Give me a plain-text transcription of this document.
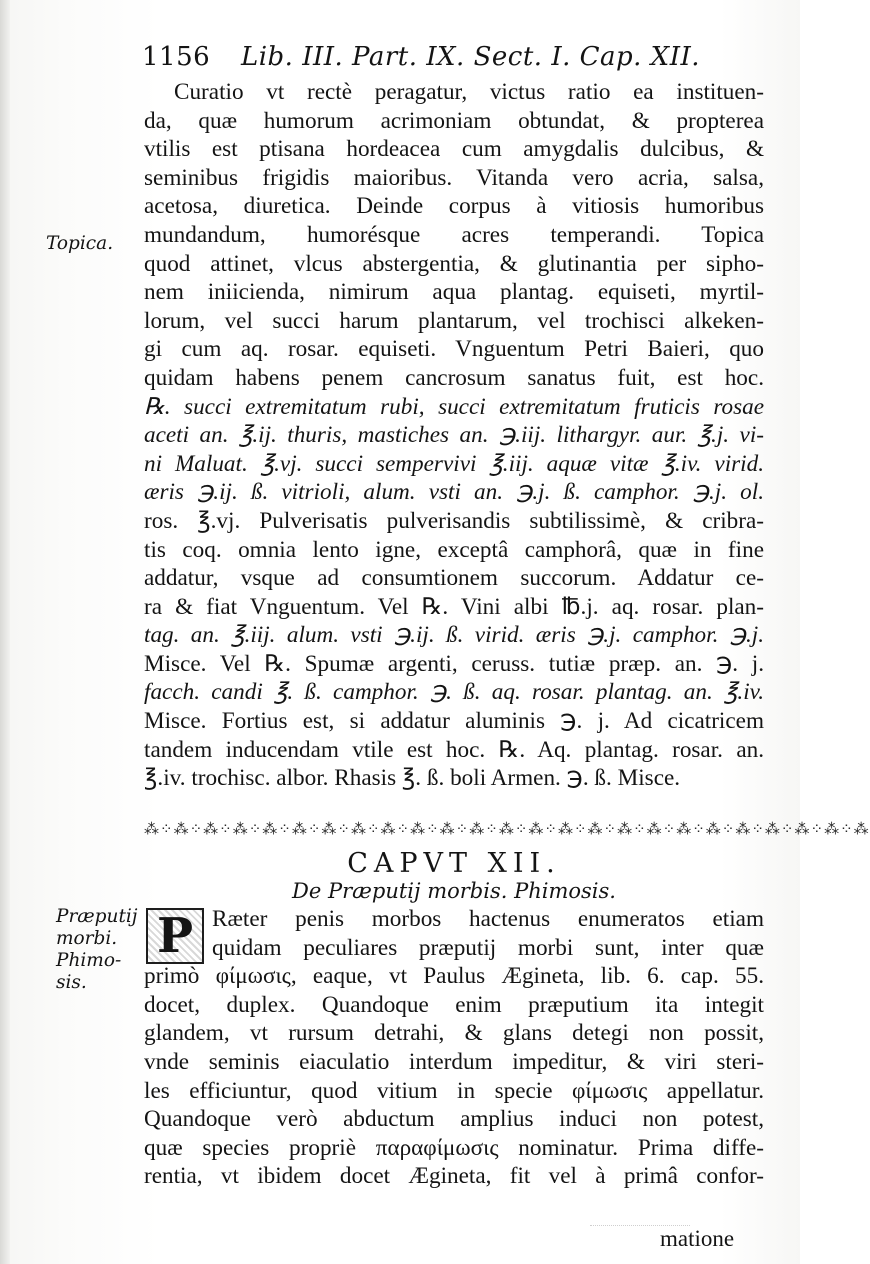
1156 Lib. III. Part. IX. Sect. I. Cap. XII.
Topica.
Præputij
morbi.
Phimo-
sis.
Curatio vt rectè peragatur, victus ratio ea instituen-
da, quæ humorum acrimoniam obtundat, & propterea
vtilis est ptisana hordeacea cum amygdalis dulcibus, &
seminibus frigidis maioribus. Vitanda vero acria, salsa,
acetosa, diuretica. Deinde corpus à vitiosis humoribus
mundandum, humorésque acres temperandi. Topica
quod attinet, vlcus abstergentia, & glutinantia per sipho-
nem iniicienda, nimirum aqua plantag. equiseti, myrtil-
lorum, vel succi harum plantarum, vel trochisci alkeken-
gi cum aq. rosar. equiseti. Vnguentum Petri Baieri, quo
quidam habens penem cancrosum sanatus fuit, est hoc.
℞. succi extremitatum rubi, succi extremitatum fruticis rosae
aceti an. ℥.ij. thuris, mastiches an. ℈.iij. lithargyr. aur. ℥.j. vi-
ni Maluat. ℥.vj. succi sempervivi ℥.iij. aquæ vitæ ℥.iv. virid.
æris ℈.ij. ß. vitrioli, alum. vsti an. ℈.j. ß. camphor. ℈.j. ol.
ros. ℥.vj. Pulverisatis pulverisandis subtilissimè, & cribra-
tis coq. omnia lento igne, exceptâ camphorâ, quæ in fine
addatur, vsque ad consumtionem succorum. Addatur ce-
ra & fiat Vnguentum. Vel ℞. Vini albi ℔.j. aq. rosar. plan-
tag. an. ℥.iij. alum. vsti ℈.ij. ß. virid. æris ℈.j. camphor. ℈.j.
Misce. Vel ℞. Spumæ argenti, ceruss. tutiæ præp. an. ℈. j.
facch. candi ℥. ß. camphor. ℈. ß. aq. rosar. plantag. an. ℥.iv.
Misce. Fortius est, si addatur aluminis ℈. j. Ad cicatricem
tandem inducendam vtile est hoc. ℞. Aq. plantag. rosar. an.
℥.iv. trochisc. albor. Rhasis ℥. ß. boli Armen. ℈. ß. Misce.
⁂⁘⁂⁘⁂⁘⁂⁘⁂⁘⁂⁘⁂⁘⁂⁘⁂⁘⁂⁘⁂⁘⁂⁘⁂⁘⁂⁘⁂⁘⁂⁘⁂⁘⁂⁘⁂⁘⁂⁘⁂⁘⁂⁘⁂⁘⁂⁘⁂
CAPVT XII.
De Præputij morbis. Phimosis.
P Ræter penis morbos hactenus enumeratos etiam
quidam peculiares præputij morbi sunt, inter quæ
primò φίμωσις, eaque, vt Paulus Æginetа, lib. 6. cap. 55.
docet, duplex. Quandoque enim præputium ita integit
glandem, vt rursum detrahi, & glans detegi non possit,
vnde seminis eiaculatio interdum impeditur, & viri steri-
les efficiuntur, quod vitium in specie φίμωσις appellatur.
Quandoque verò abductum amplius induci non potest,
quæ species propriè παραφίμωσις nominatur. Prima diffe-
rentia, vt ibidem docet Æginetа, fit vel à primâ confor-
matione
